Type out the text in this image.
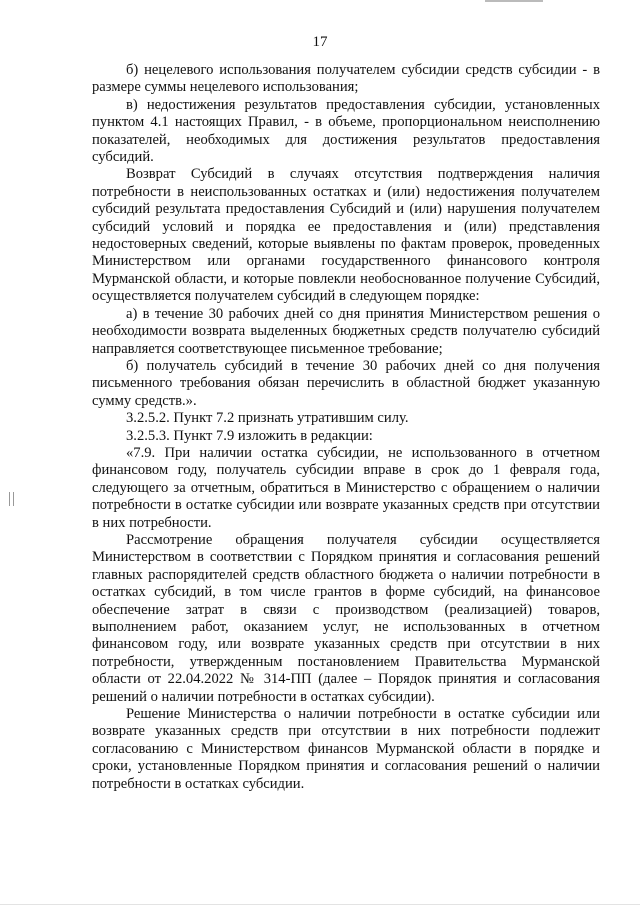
17

б) нецелевого использования получателем субсидии средств субсидии - в размере суммы нецелевого использования;

в) недостижения результатов предоставления субсидии, установленных пунктом 4.1 настоящих Правил, - в объеме, пропорциональном неисполнению показателей, необходимых для достижения результатов предоставления субсидий.

Возврат Субсидий в случаях отсутствия подтверждения наличия потребности в неиспользованных остатках и (или) недостижения получателем субсидий результата предоставления Субсидий и (или) нарушения получателем субсидий условий и порядка ее предоставления и (или) представления недостоверных сведений, которые выявлены по фактам проверок, проведенных Министерством или органами государственного финансового контроля Мурманской области, и которые повлекли необоснованное получение Субсидий, осуществляется получателем субсидий в следующем порядке:

а) в течение 30 рабочих дней со дня принятия Министерством решения о необходимости возврата выделенных бюджетных средств получателю субсидий направляется соответствующее письменное требование;

б) получатель субсидий в течение 30 рабочих дней со дня получения письменного требования обязан перечислить в областной бюджет указанную сумму средств.».

3.2.5.2. Пункт 7.2 признать утратившим силу.

3.2.5.3. Пункт 7.9 изложить в редакции:

«7.9. При наличии остатка субсидии, не использованного в отчетном финансовом году, получатель субсидии вправе в срок до 1 февраля года, следующего за отчетным, обратиться в Министерство с обращением о наличии потребности в остатке субсидии или возврате указанных средств при отсутствии в них потребности.

Рассмотрение обращения получателя субсидии осуществляется Министерством в соответствии с Порядком принятия и согласования решений главных распорядителей средств областного бюджета о наличии потребности в остатках субсидий, в том числе грантов в форме субсидий, на финансовое обеспечение затрат в связи с производством (реализацией) товаров, выполнением работ, оказанием услуг, не использованных в отчетном финансовом году, или возврате указанных средств при отсутствии в них потребности, утвержденным постановлением Правительства Мурманской области от 22.04.2022 № 314-ПП (далее – Порядок принятия и согласования решений о наличии потребности в остатках субсидии).

Решение Министерства о наличии потребности в остатке субсидии или возврате указанных средств при отсутствии в них потребности подлежит согласованию с Министерством финансов Мурманской области в порядке и сроки, установленные Порядком принятия и согласования решений о наличии потребности в остатках субсидии.
